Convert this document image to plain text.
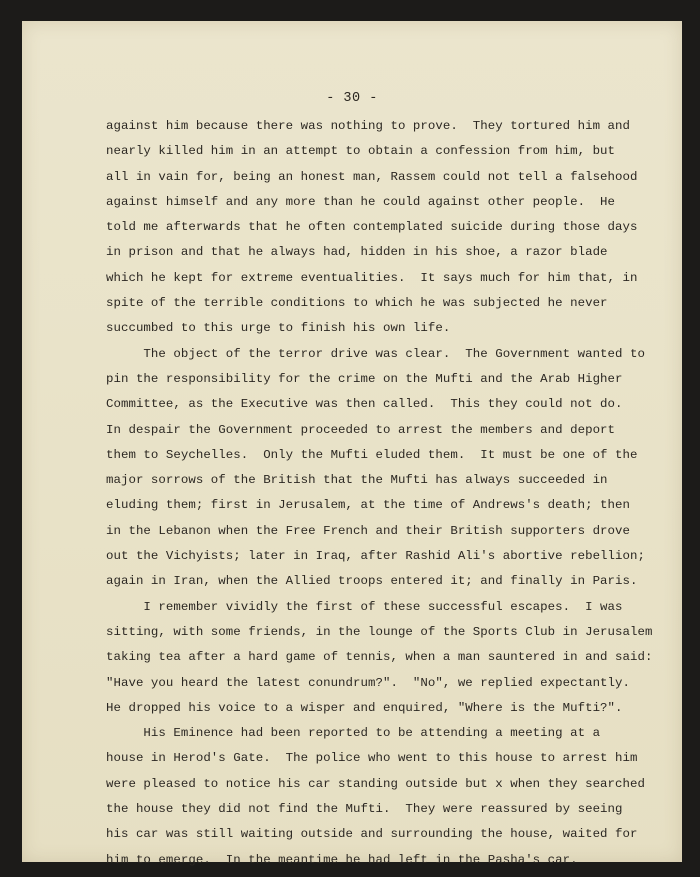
- 30 -
against him because there was nothing to prove.  They tortured him and
nearly killed him in an attempt to obtain a confession from him, but
all in vain for, being an honest man, Rassem could not tell a falsehood
against himself and any more than he could against other people.  He
told me afterwards that he often contemplated suicide during those days
in prison and that he always had, hidden in his shoe, a razor blade
which he kept for extreme eventualities.  It says much for him that, in
spite of the terrible conditions to which he was subjected he never
succumbed to this urge to finish his own life.
The object of the terror drive was clear.  The Government wanted to
pin the responsibility for the crime on the Mufti and the Arab Higher
Committee, as the Executive was then called.  This they could not do.
In despair the Government proceeded to arrest the members and deport
them to Seychelles.  Only the Mufti eluded them.  It must be one of the
major sorrows of the British that the Mufti has always succeeded in
eluding them; first in Jerusalem, at the time of Andrews's death; then
in the Lebanon when the Free French and their British supporters drove
out the Vichyists; later in Iraq, after Rashid Ali's abortive rebellion;
again in Iran, when the Allied troops entered it; and finally in Paris.
I remember vividly the first of these successful escapes.  I was
sitting, with some friends, in the lounge of the Sports Club in Jerusalem
taking tea after a hard game of tennis, when a man sauntered in and said:
"Have you heard the latest conundrum?".  "No", we replied expectantly.
He dropped his voice to a wisper and enquired, "Where is the Mufti?".
His Eminence had been reported to be attending a meeting at a
house in Herod's Gate.  The police who went to this house to arrest him
were pleased to notice his car standing outside but x when they searched
the house they did not find the Mufti.  They were reassured by seeing
his car was still waiting outside and surrounding the house, waited for
him to emerge.  In the meantime he had left in the Pasha's car.
